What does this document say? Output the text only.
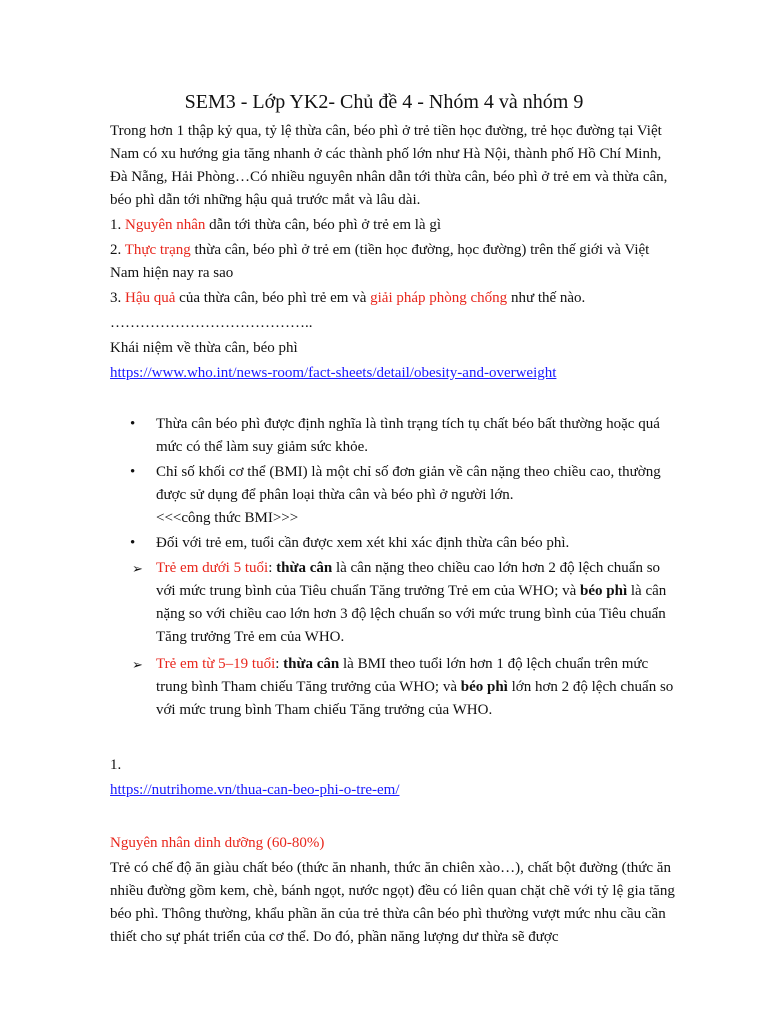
SEM3 - Lớp YK2- Chủ đề 4 - Nhóm 4 và nhóm 9

Trong hơn 1 thập kỷ qua, tỷ lệ thừa cân, béo phì ở trẻ tiền học đường, trẻ học đường tại Việt Nam có xu hướng gia tăng nhanh ở các thành phố lớn như Hà Nội, thành phố Hồ Chí Minh, Đà Nẵng, Hải Phòng…Có nhiều nguyên nhân dẫn tới thừa cân, béo phì ở trẻ em và thừa cân, béo phì dẫn tới những hậu quả trước mắt và lâu dài.

1. Nguyên nhân dẫn tới thừa cân, béo phì ở trẻ em là gì

2. Thực trạng thừa cân, béo phì ở trẻ em (tiền học đường, học đường) trên thế giới và Việt Nam hiện nay ra sao

3. Hậu quả của thừa cân, béo phì trẻ em và giải pháp phòng chống như thế nào.

…………………………………..

Khái niệm về thừa cân, béo phì

https://www.who.int/news-room/fact-sheets/detail/obesity-and-overweight

•	Thừa cân béo phì được định nghĩa là tình trạng tích tụ chất béo bất thường hoặc quá mức có thể làm suy giảm sức khỏe.
•	Chỉ số khối cơ thể (BMI) là một chỉ số đơn giản về cân nặng theo chiều cao, thường được sử dụng để phân loại thừa cân và béo phì ở người lớn.
<<<công thức BMI>>>
•	Đối với trẻ em, tuổi cần được xem xét khi xác định thừa cân béo phì.
➢ Trẻ em dưới 5 tuổi: thừa cân là cân nặng theo chiều cao lớn hơn 2 độ lệch chuẩn so với mức trung bình của Tiêu chuẩn Tăng trưởng Trẻ em của WHO; và béo phì là cân nặng so với chiều cao lớn hơn 3 độ lệch chuẩn so với mức trung bình của Tiêu chuẩn Tăng trưởng Trẻ em của WHO.
➢ Trẻ em từ 5–19 tuổi: thừa cân là BMI theo tuổi lớn hơn 1 độ lệch chuẩn trên mức trung bình Tham chiếu Tăng trưởng của WHO; và béo phì lớn hơn 2 độ lệch chuẩn so với mức trung bình Tham chiếu Tăng trưởng của WHO.

1.

https://nutrihome.vn/thua-can-beo-phi-o-tre-em/

Nguyên nhân dinh dưỡng (60-80%)

Trẻ có chế độ ăn giàu chất béo (thức ăn nhanh, thức ăn chiên xào…), chất bột đường (thức ăn nhiều đường gồm kem, chè, bánh ngọt, nước ngọt) đều có liên quan chặt chẽ với tỷ lệ gia tăng béo phì. Thông thường, khẩu phần ăn của trẻ thừa cân béo phì thường vượt mức nhu cầu cần thiết cho sự phát triển của cơ thể. Do đó, phần năng lượng dư thừa sẽ được
